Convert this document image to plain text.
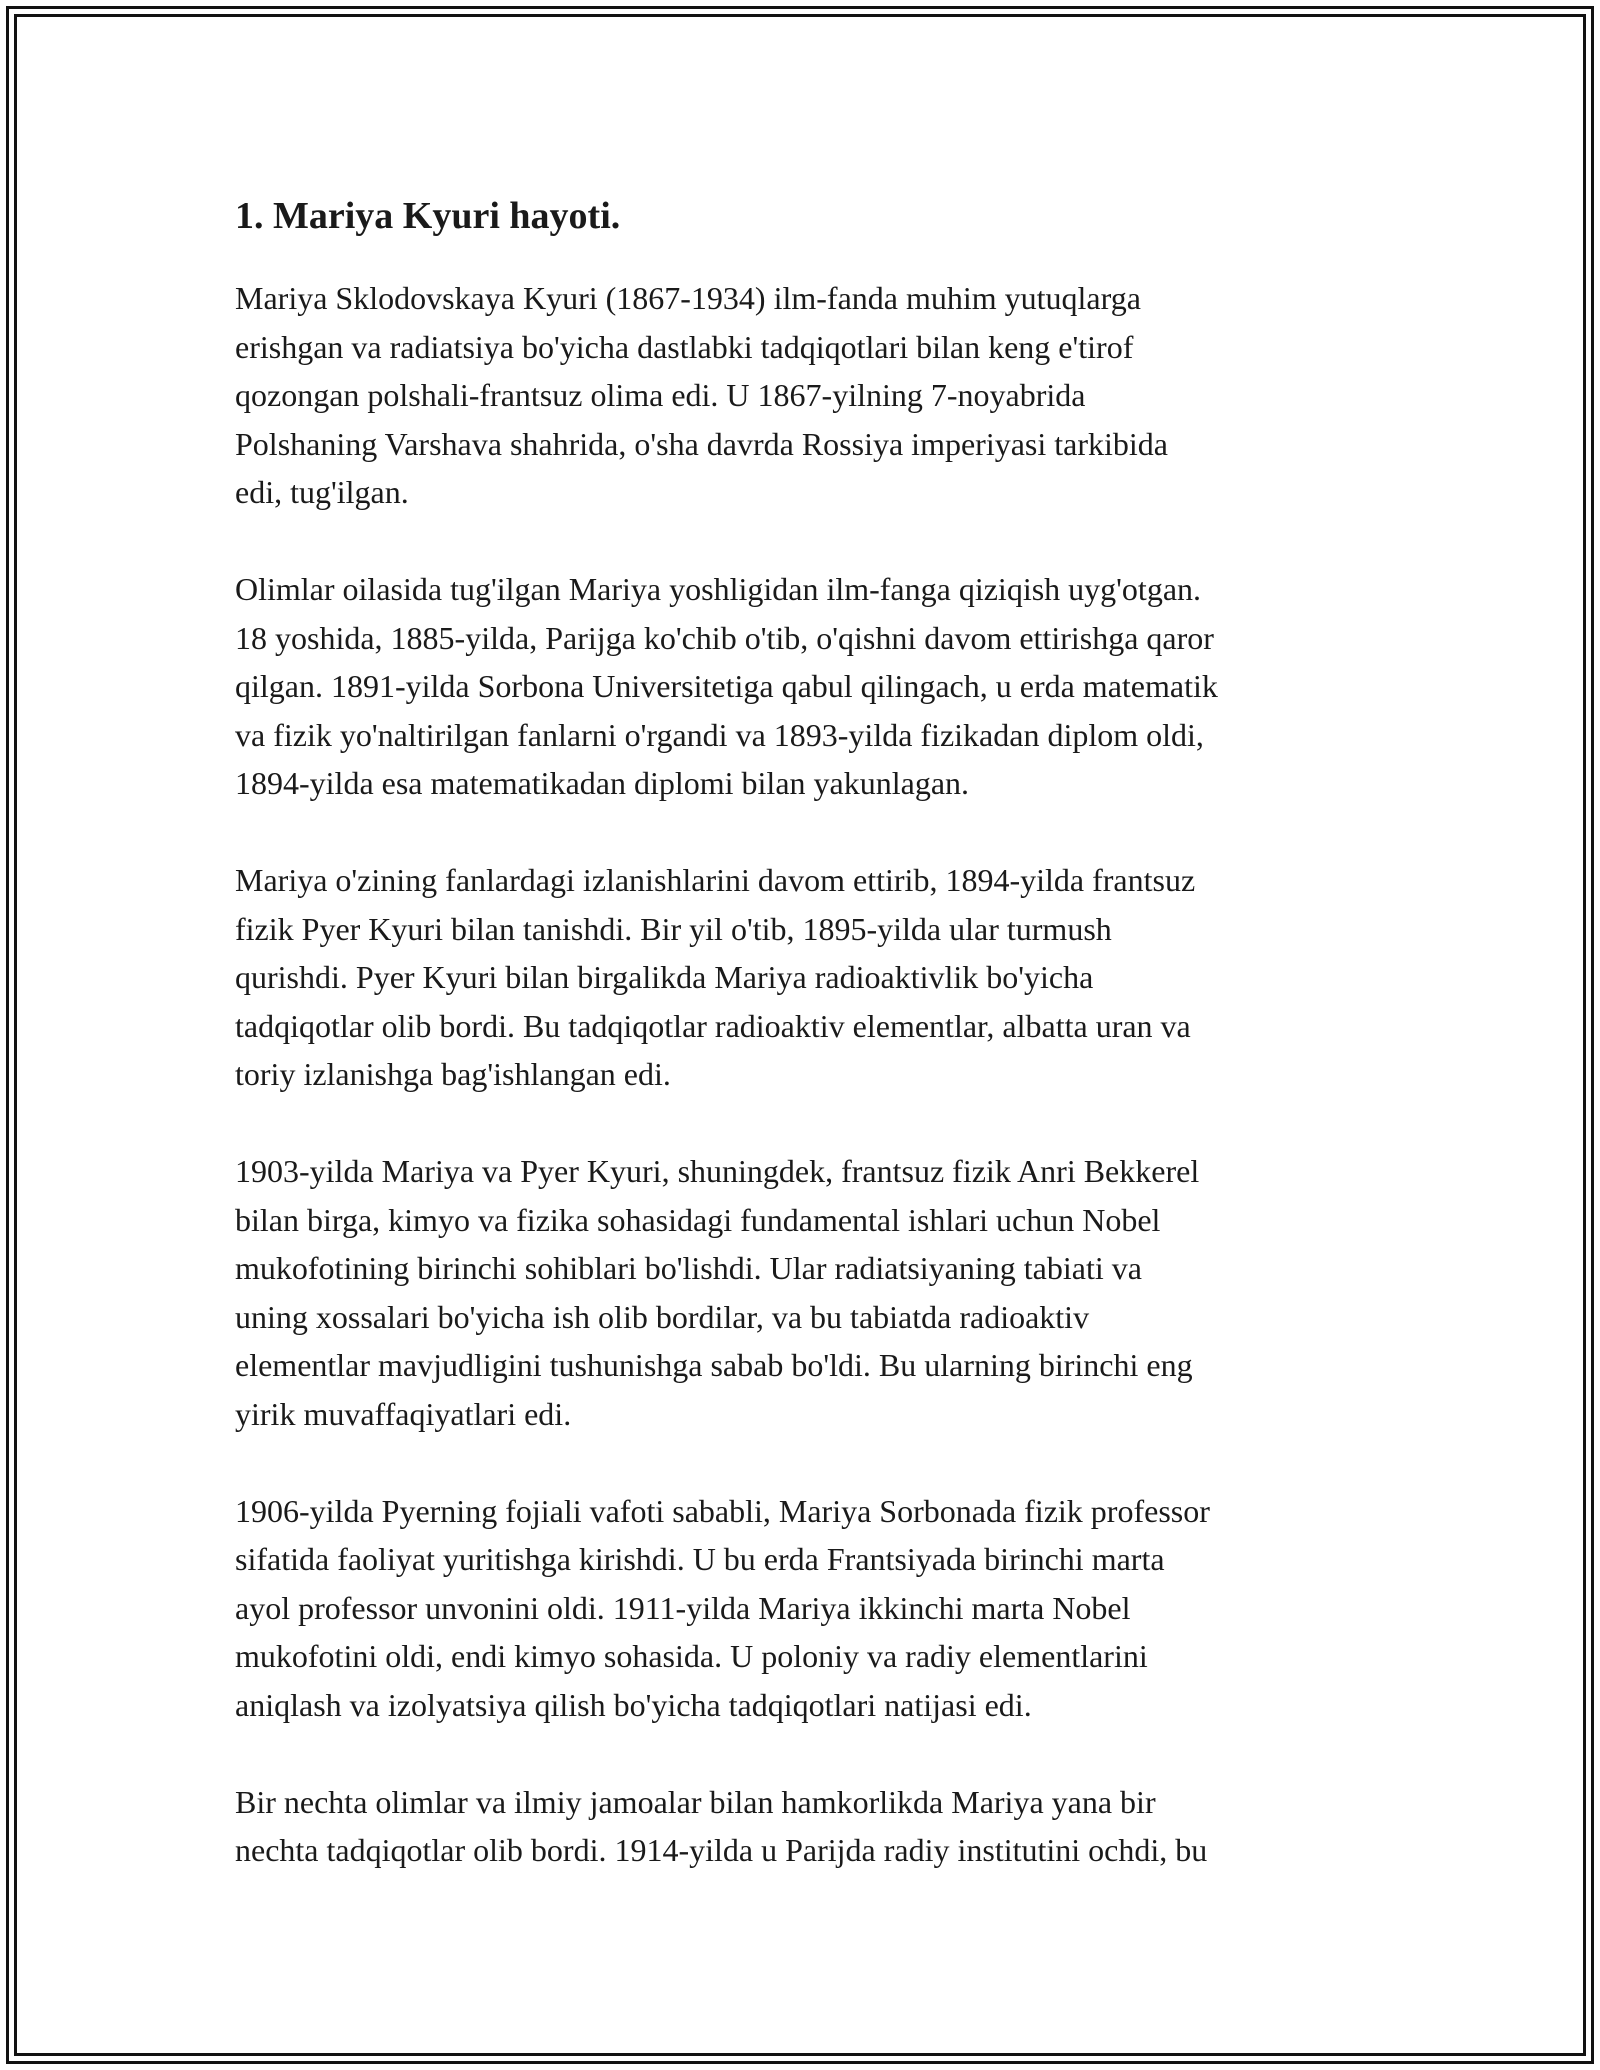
1. Mariya Kyuri hayoti.

Mariya Sklodovskaya Kyuri (1867-1934) ilm-fanda muhim yutuqlarga
erishgan va radiatsiya bo'yicha dastlabki tadqiqotlari bilan keng e'tirof
qozongan polshali-frantsuz olima edi. U 1867-yilning 7-noyabrida
Polshaning Varshava shahrida, o'sha davrda Rossiya imperiyasi tarkibida
edi, tug'ilgan.

Olimlar oilasida tug'ilgan Mariya yoshligidan ilm-fanga qiziqish uyg'otgan.
18 yoshida, 1885-yilda, Parijga ko'chib o'tib, o'qishni davom ettirishga qaror
qilgan. 1891-yilda Sorbona Universitetiga qabul qilingach, u erda matematik
va fizik yo'naltirilgan fanlarni o'rgandi va 1893-yilda fizikadan diplom oldi,
1894-yilda esa matematikadan diplomi bilan yakunlagan.

Mariya o'zining fanlardagi izlanishlarini davom ettirib, 1894-yilda frantsuz
fizik Pyer Kyuri bilan tanishdi. Bir yil o'tib, 1895-yilda ular turmush
qurishdi. Pyer Kyuri bilan birgalikda Mariya radioaktivlik bo'yicha
tadqiqotlar olib bordi. Bu tadqiqotlar radioaktiv elementlar, albatta uran va
toriy izlanishga bag'ishlangan edi.

1903-yilda Mariya va Pyer Kyuri, shuningdek, frantsuz fizik Anri Bekkerel
bilan birga, kimyo va fizika sohasidagi fundamental ishlari uchun Nobel
mukofotining birinchi sohiblari bo'lishdi. Ular radiatsiyaning tabiati va
uning xossalari bo'yicha ish olib bordilar, va bu tabiatda radioaktiv
elementlar mavjudligini tushunishga sabab bo'ldi. Bu ularning birinchi eng
yirik muvaffaqiyatlari edi.

1906-yilda Pyerning fojiali vafoti sababli, Mariya Sorbonada fizik professor
sifatida faoliyat yuritishga kirishdi. U bu erda Frantsiyada birinchi marta
ayol professor unvonini oldi. 1911-yilda Mariya ikkinchi marta Nobel
mukofotini oldi, endi kimyo sohasida. U poloniy va radiy elementlarini
aniqlash va izolyatsiya qilish bo'yicha tadqiqotlari natijasi edi.

Bir nechta olimlar va ilmiy jamoalar bilan hamkorlikda Mariya yana bir
nechta tadqiqotlar olib bordi. 1914-yilda u Parijda radiy institutini ochdi, bu
